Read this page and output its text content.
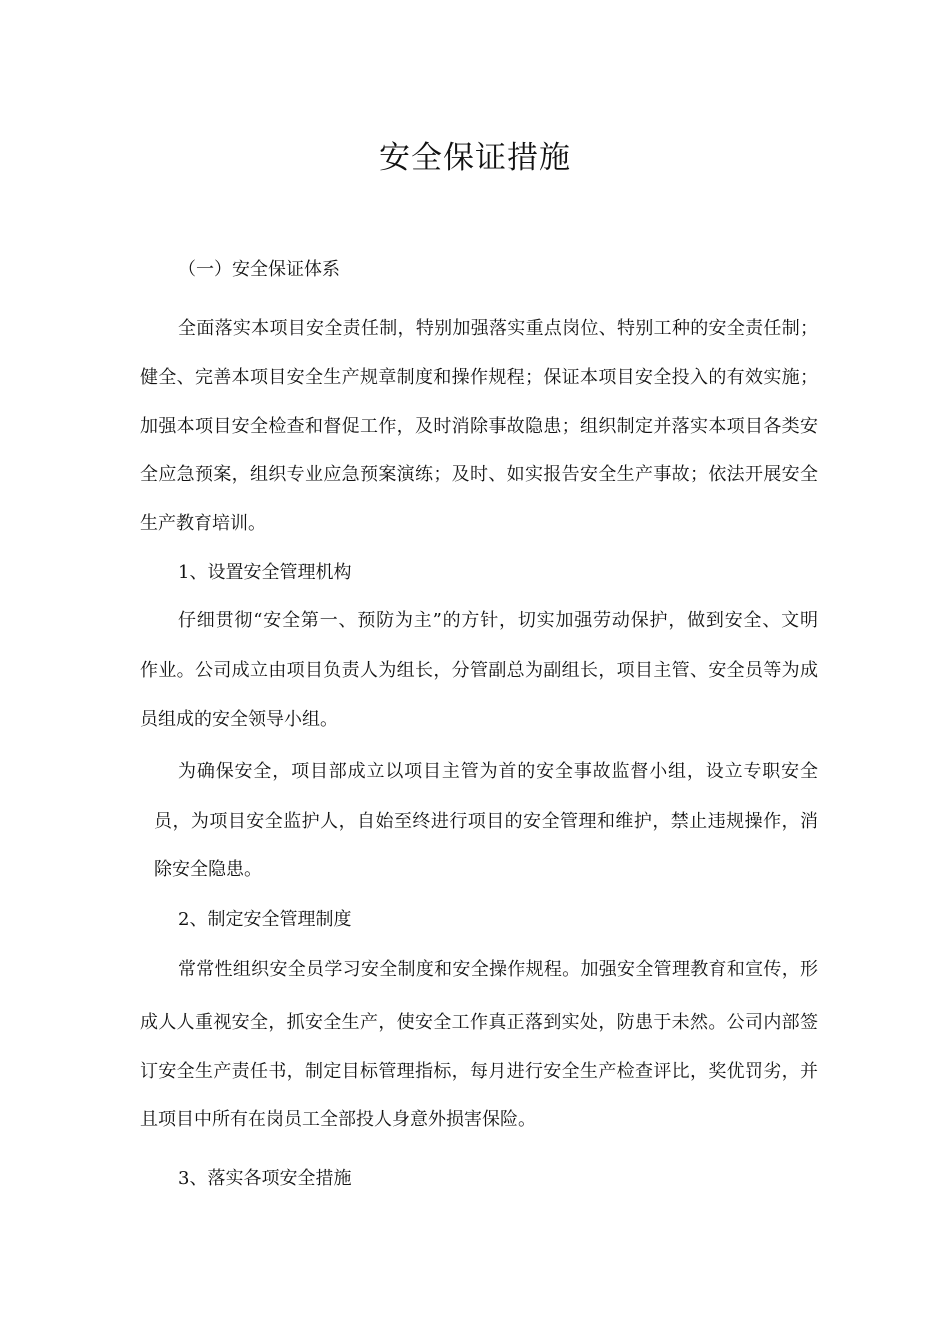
安全保证措施
（一）安全保证体系
全面落实本项目安全责任制，特别加强落实重点岗位、特别工种的安全责任制；
健全、完善本项目安全生产规章制度和操作规程；保证本项目安全投入的有效实施；
加强本项目安全检查和督促工作，及时消除事故隐患；组织制定并落实本项目各类安
全应急预案，组织专业应急预案演练；及时、如实报告安全生产事故；依法开展安全
生产教育培训。
1、设置安全管理机构
仔细贯彻“安全第一、预防为主”的方针，切实加强劳动保护，做到安全、文明
作业。公司成立由项目负责人为组长，分管副总为副组长，项目主管、安全员等为成
员组成的安全领导小组。
为确保安全，项目部成立以项目主管为首的安全事故监督小组，设立专职安全
员，为项目安全监护人，自始至终进行项目的安全管理和维护，禁止违规操作，消
除安全隐患。
2、制定安全管理制度
常常性组织安全员学习安全制度和安全操作规程。加强安全管理教育和宣传，形
成人人重视安全，抓安全生产，使安全工作真正落到实处，防患于未然。公司内部签
订安全生产责任书，制定目标管理指标，每月进行安全生产检查评比，奖优罚劣，并
且项目中所有在岗员工全部投人身意外损害保险。
3、落实各项安全措施
